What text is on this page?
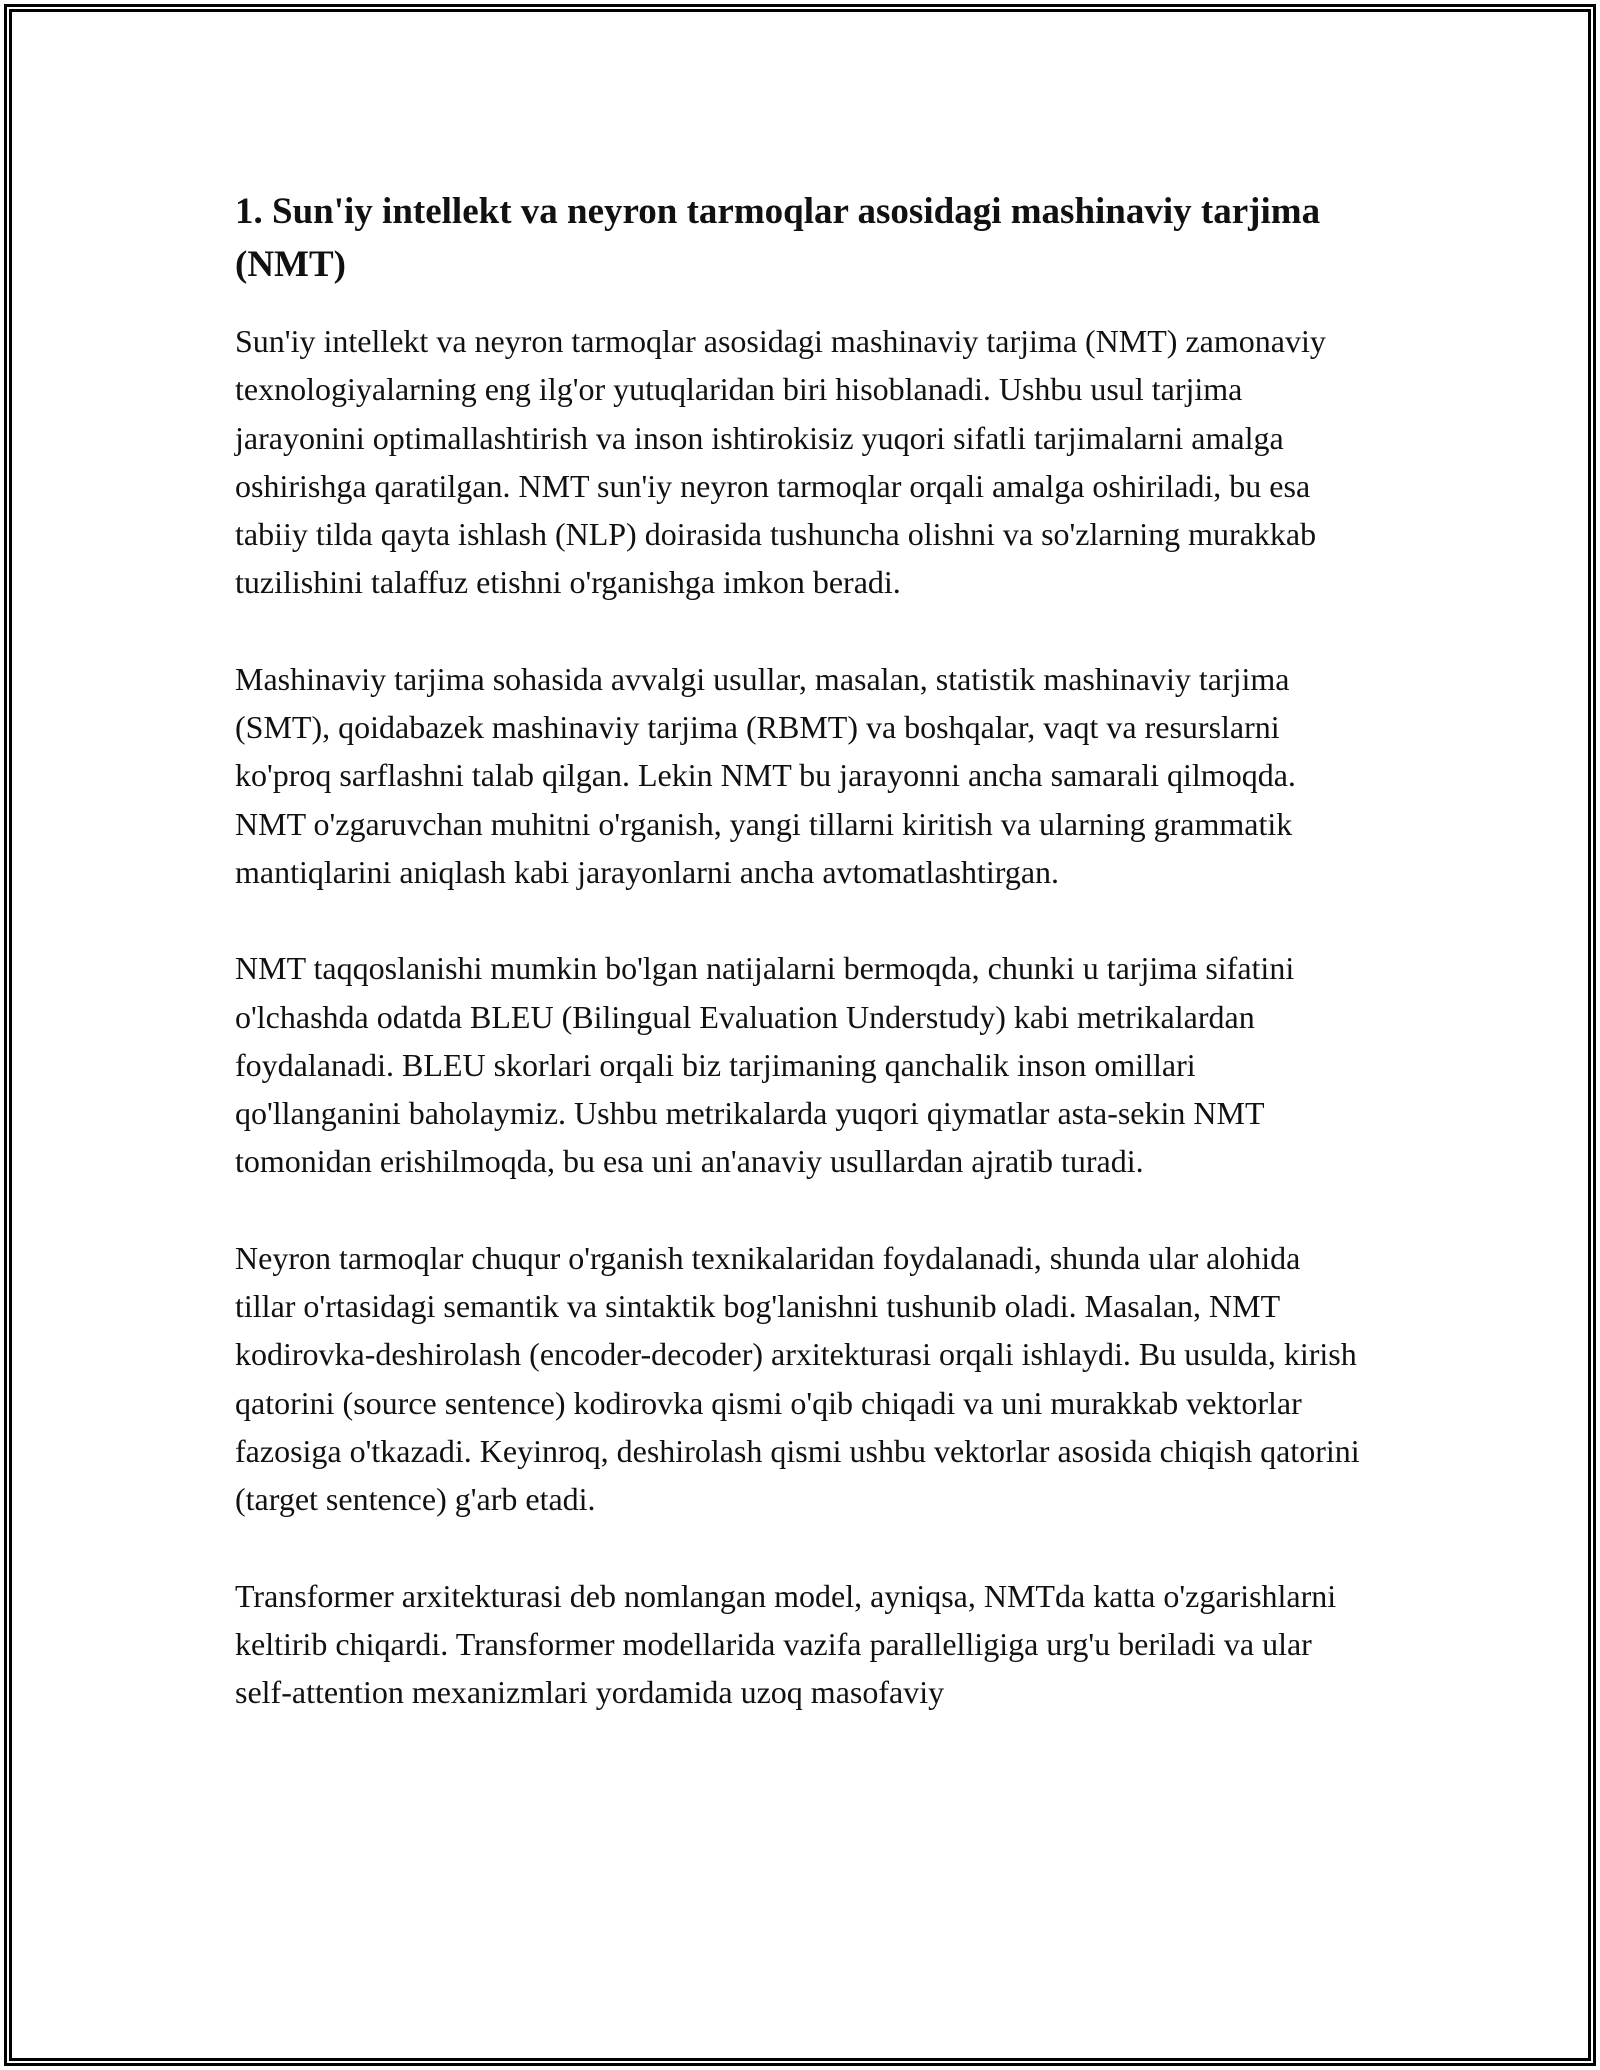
1. Sun'iy intellekt va neyron tarmoqlar asosidagi mashinaviy tarjima (NMT)

Sun'iy intellekt va neyron tarmoqlar asosidagi mashinaviy tarjima (NMT) zamonaviy texnologiyalarning eng ilg'or yutuqlaridan biri hisoblanadi. Ushbu usul tarjima jarayonini optimallashtirish va inson ishtirokisiz yuqori sifatli tarjimalarni amalga oshirishga qaratilgan. NMT sun'iy neyron tarmoqlar orqali amalga oshiriladi, bu esa tabiiy tilda qayta ishlash (NLP) doirasida tushuncha olishni va so'zlarning murakkab tuzilishini talaffuz etishni o'rganishga imkon beradi.

Mashinaviy tarjima sohasida avvalgi usullar, masalan, statistik mashinaviy tarjima (SMT), qoidabazek mashinaviy tarjima (RBMT) va boshqalar, vaqt va resurslarni ko'proq sarflashni talab qilgan. Lekin NMT bu jarayonni ancha samarali qilmoqda. NMT o'zgaruvchan muhitni o'rganish, yangi tillarni kiritish va ularning grammatik mantiqlarini aniqlash kabi jarayonlarni ancha avtomatlashtirgan.

NMT taqqoslanishi mumkin bo'lgan natijalarni bermoqda, chunki u tarjima sifatini o'lchashda odatda BLEU (Bilingual Evaluation Understudy) kabi metrikalardan foydalanadi. BLEU skorlari orqali biz tarjimaning qanchalik inson omillari qo'llanganini baholaymiz. Ushbu metrikalarda yuqori qiymatlar asta-sekin NMT tomonidan erishilmoqda, bu esa uni an'anaviy usullardan ajratib turadi.

Neyron tarmoqlar chuqur o'rganish texnikalaridan foydalanadi, shunda ular alohida tillar o'rtasidagi semantik va sintaktik bog'lanishni tushunib oladi. Masalan, NMT kodirovka-deshirolash (encoder-decoder) arxitekturasi orqali ishlaydi. Bu usulda, kirish qatorini (source sentence) kodirovka qismi o'qib chiqadi va uni murakkab vektorlar fazosiga o'tkazadi. Keyinroq, deshirolash qismi ushbu vektorlar asosida chiqish qatorini (target sentence) g'arb etadi.

Transformer arxitekturasi deb nomlangan model, ayniqsa, NMTda katta o'zgarishlarni keltirib chiqardi. Transformer modellarida vazifa parallelligiga urg'u beriladi va ular self-attention mexanizmlari yordamida uzoq masofaviy
